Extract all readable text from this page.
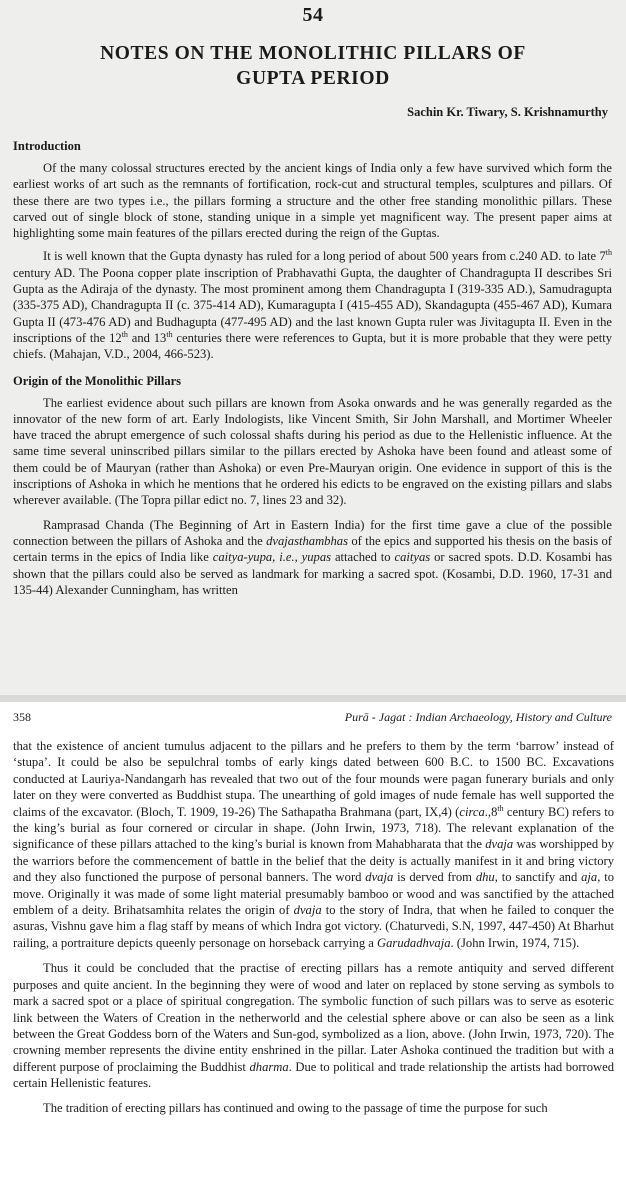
54
NOTES ON THE MONOLITHIC PILLARS OF
GUPTA PERIOD
Sachin Kr. Tiwary, S. Krishnamurthy
Introduction

Of the many colossal structures erected by the ancient kings of India only a few have survived which form the earliest works of art such as the remnants of fortification, rock-cut and structural temples, sculptures and pillars. Of these there are two types i.e., the pillars forming a structure and the other free standing monolithic pillars. These carved out of single block of stone, standing unique in a simple yet magnificent way. The present paper aims at highlighting some main features of the pillars erected during the reign of the Guptas.

It is well known that the Gupta dynasty has ruled for a long period of about 500 years from c.240 AD. to late 7th century AD. The Poona copper plate inscription of Prabhavathi Gupta, the daughter of Chandragupta II describes Sri Gupta as the Adiraja of the dynasty. The most prominent among them Chandragupta I (319-335 AD.), Samudragupta (335-375 AD), Chandragupta II (c. 375-414 AD), Kumaragupta I (415-455 AD), Skandagupta (455-467 AD), Kumara Gupta II (473-476 AD) and Budhagupta (477-495 AD) and the last known Gupta ruler was Jivitagupta II. Even in the inscriptions of the 12th and 13th centuries there were references to Gupta, but it is more probable that they were petty chiefs. (Mahajan, V.D., 2004, 466-523).

Origin of the Monolithic Pillars

The earliest evidence about such pillars are known from Asoka onwards and he was generally regarded as the innovator of the new form of art. Early Indologists, like Vincent Smith, Sir John Marshall, and Mortimer Wheeler have traced the abrupt emergence of such colossal shafts during his period as due to the Hellenistic influence. At the same time several uninscribed pillars similar to the pillars erected by Ashoka have been found and atleast some of them could be of Mauryan (rather than Ashoka) or even Pre-Mauryan origin. One evidence in support of this is the inscriptions of Ashoka in which he mentions that he ordered his edicts to be engraved on the existing pillars and slabs wherever available. (The Topra pillar edict no. 7, lines 23 and 32).

Ramprasad Chanda (The Beginning of Art in Eastern India) for the first time gave a clue of the possible connection between the pillars of Ashoka and the dvajasthambhas of the epics and supported his thesis on the basis of certain terms in the epics of India like caitya-yupa, i.e., yupas attached to caityas or sacred spots. D.D. Kosambi has shown that the pillars could also be served as landmark for marking a sacred spot. (Kosambi, D.D. 1960, 17-31 and 135-44) Alexander Cunningham, has written

358	Purā - Jagat : Indian Archaeology, History and Culture

that the existence of ancient tumulus adjacent to the pillars and he prefers to them by the term ‘barrow’ instead of ‘stupa’. It could be also be sepulchral tombs of early kings dated between 600 B.C. to 1500 BC. Excavations conducted at Lauriya-Nandangarh has revealed that two out of the four mounds were pagan funerary burials and only later on they were converted as Buddhist stupa. The unearthing of gold images of nude female has well supported the claims of the excavator. (Bloch, T. 1909, 19-26) The Sathapatha Brahmana (part, IX,4) (circa.,8th century BC) refers to the king’s burial as four cornered or circular in shape. (John Irwin, 1973, 718). The relevant explanation of the significance of these pillars attached to the king’s burial is known from Mahabharata that the dvaja was worshipped by the warriors before the commencement of battle in the belief that the deity is actually manifest in it and bring victory and they also functioned the purpose of personal banners. The word dvaja is derved from dhu, to sanctify and aja, to move. Originally it was made of some light material presumably bamboo or wood and was sanctified by the attached emblem of a deity. Brihatsamhita relates the origin of dvaja to the story of Indra, that when he failed to conquer the asuras, Vishnu gave him a flag staff by means of which Indra got victory. (Chaturvedi, S.N, 1997, 447-450) At Bharhut railing, a portraiture depicts queenly personage on horseback carrying a Garudadhvaja. (John Irwin, 1974, 715).

Thus it could be concluded that the practise of erecting pillars has a remote antiquity and served different purposes and quite ancient. In the beginning they were of wood and later on replaced by stone serving as symbols to mark a sacred spot or a place of spiritual congregation. The symbolic function of such pillars was to serve as esoteric link between the Waters of Creation in the netherworld and the celestial sphere above or can also be seen as a link between the Great Goddess born of the Waters and Sun-god, symbolized as a lion, above. (John Irwin, 1973, 720). The crowning member represents the divine entity enshrined in the pillar. Later Ashoka continued the tradition but with a different purpose of proclaiming the Buddhist dharma. Due to political and trade relationship the artists had borrowed certain Hellenistic features.

The tradition of erecting pillars has continued and owing to the passage of time the purpose for such
